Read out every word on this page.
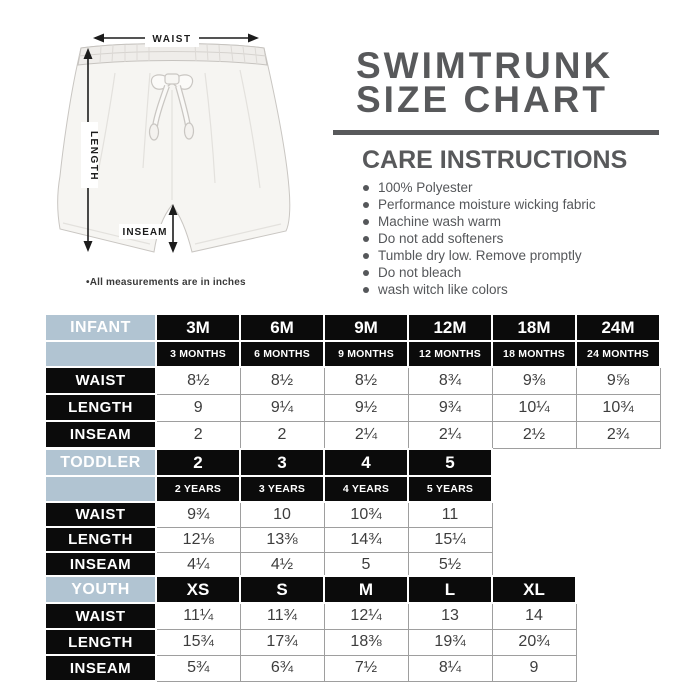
WAIST
LENGTH
INSEAM
•All measurements are in inches
SWIMTRUNK
SIZE CHART
CARE INSTRUCTIONS
100% Polyester
Performance moisture wicking fabric
Machine wash warm
Do not add softeners
Tumble dry low. Remove promptly
Do not bleach
wash witch like colors
INFANT	3M	6M	9M	12M	18M	24M
	3 MONTHS	6 MONTHS	9 MONTHS	12 MONTHS	18 MONTHS	24 MONTHS
WAIST	8½	8½	8½	8¾	9⅜	9⅝
LENGTH	9	9¼	9½	9¾	10¼	10¾
INSEAM	2	2	2¼	2¼	2½	2¾
TODDLER	2	3	4	5
	2 YEARS	3 YEARS	4 YEARS	5 YEARS
WAIST	9¾	10	10¾	11
LENGTH	12⅛	13⅜	14¾	15¼
INSEAM	4¼	4½	5	5½
YOUTH	XS	S	M	L	XL
WAIST	11¼	11¾	12¼	13	14
LENGTH	15¾	17¾	18⅜	19¾	20¾
INSEAM	5¾	6¾	7½	8¼	9
